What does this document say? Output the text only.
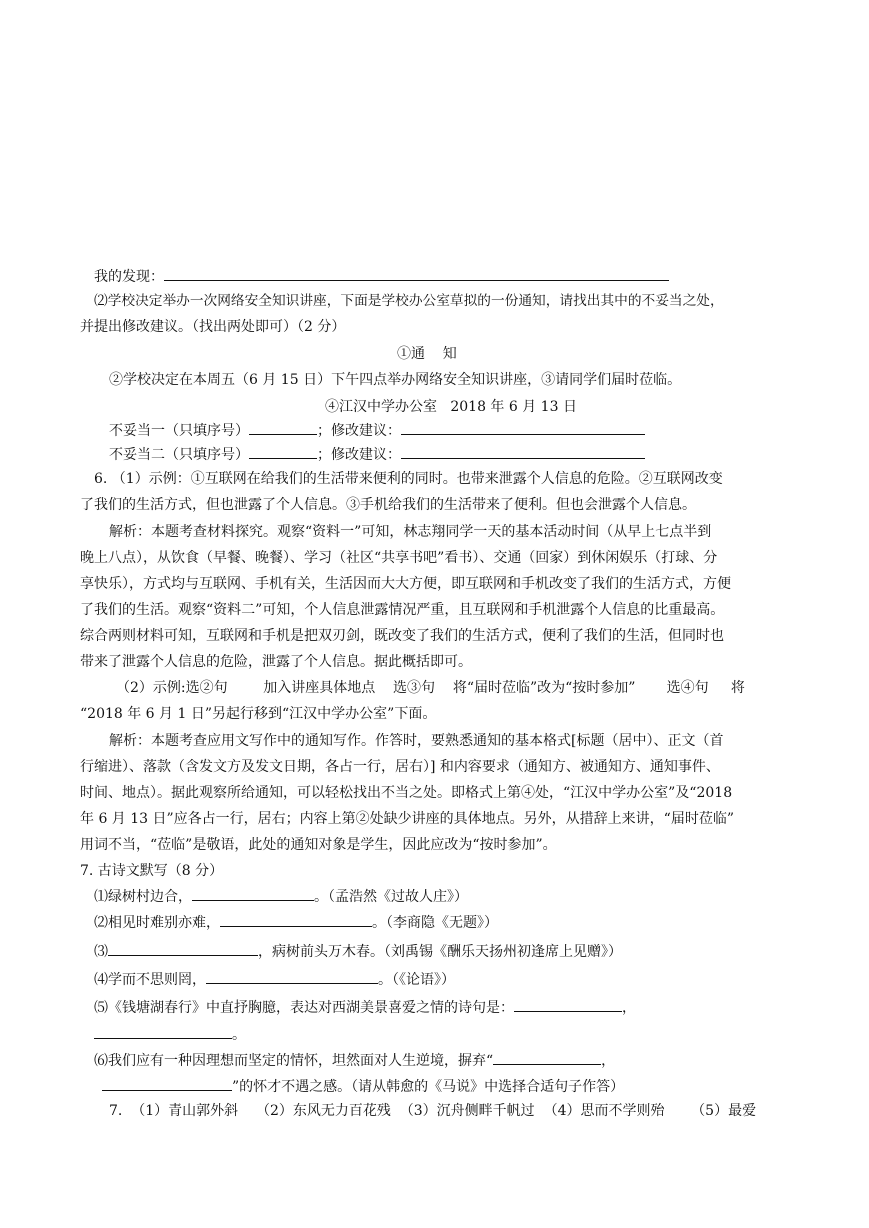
我的发现：
⑵学校决定举办一次网络安全知识讲座，下面是学校办公室草拟的一份通知，请找出其中的不妥当之处，
并提出修改建议。（找出两处即可）（2 分）
①通    知
②学校决定在本周五（6 月 15 日）下午四点举办网络安全知识讲座，③请同学们届时莅临。
④江汉中学办公室   2018 年 6 月 13 日
不妥当一（只填序号）	；修改建议：
不妥当二（只填序号）	；修改建议：
6. （1）示例：①互联网在给我们的生活带来便利的同时。也带来泄露个人信息的危险。②互联网改变
了我们的生活方式，但也泄露了个人信息。③手机给我们的生活带来了便利。但也会泄露个人信息。
解析：本题考查材料探究。观察“资料一”可知，林志翔同学一天的基本活动时间（从早上七点半到
晚上八点），从饮食（早餐、晚餐）、学习（社区“共享书吧”看书）、交通（回家）到休闲娱乐（打球、分
享快乐），方式均与互联网、手机有关，生活因而大大方便，即互联网和手机改变了我们的生活方式，方便
了我们的生活。观察“资料二”可知，个人信息泄露情况严重，且互联网和手机泄露个人信息的比重最高。
综合两则材料可知，互联网和手机是把双刃剑，既改变了我们的生活方式，便利了我们的生活，但同时也
带来了泄露个人信息的危险，泄露了个人信息。据此概括即可。
（2）示例:选②句        加入讲座具体地点    选③句    将“届时莅临”改为“按时参加”       选④句     将
“2018 年 6 月 1 日”另起行移到“江汉中学办公室”下面。
解析：本题考查应用文写作中的通知写作。作答时，要熟悉通知的基本格式[标题（居中）、正文（首
行缩进）、落款（含发文方及发文日期，各占一行，居右）] 和内容要求（通知方、被通知方、通知事件、
时间、地点）。据此观察所给通知，可以轻松找出不当之处。即格式上第④处，“江汉中学办公室”及“2018
年 6 月 13 日”应各占一行，居右；内容上第②处缺少讲座的具体地点。另外，从措辞上来讲，“届时莅临”
用词不当，“莅临”是敬语，此处的通知对象是学生，因此应改为“按时参加”。
7. 古诗文默写（8 分）
⑴绿树村边合，	。（孟浩然《过故人庄》）
⑵相见时难别亦难，	。（李商隐《无题》）
⑶	，病树前头万木春。（刘禹锡《酬乐天扬州初逢席上见赠》）
⑷学而不思则罔，	。（《论语》）
⑸《钱塘湖春行》中直抒胸臆，表达对西湖美景喜爱之情的诗句是：	，
。
⑹我们应有一种因理想而坚定的情怀，坦然面对人生逆境，摒弃“	，
”的怀才不遇之感。（请从韩愈的《马说》中选择合适句子作答）
7.  （1）青山郭外斜    （2）东风无力百花残  （3）沉舟侧畔千帆过  （4）思而不学则殆      （5）最爱
